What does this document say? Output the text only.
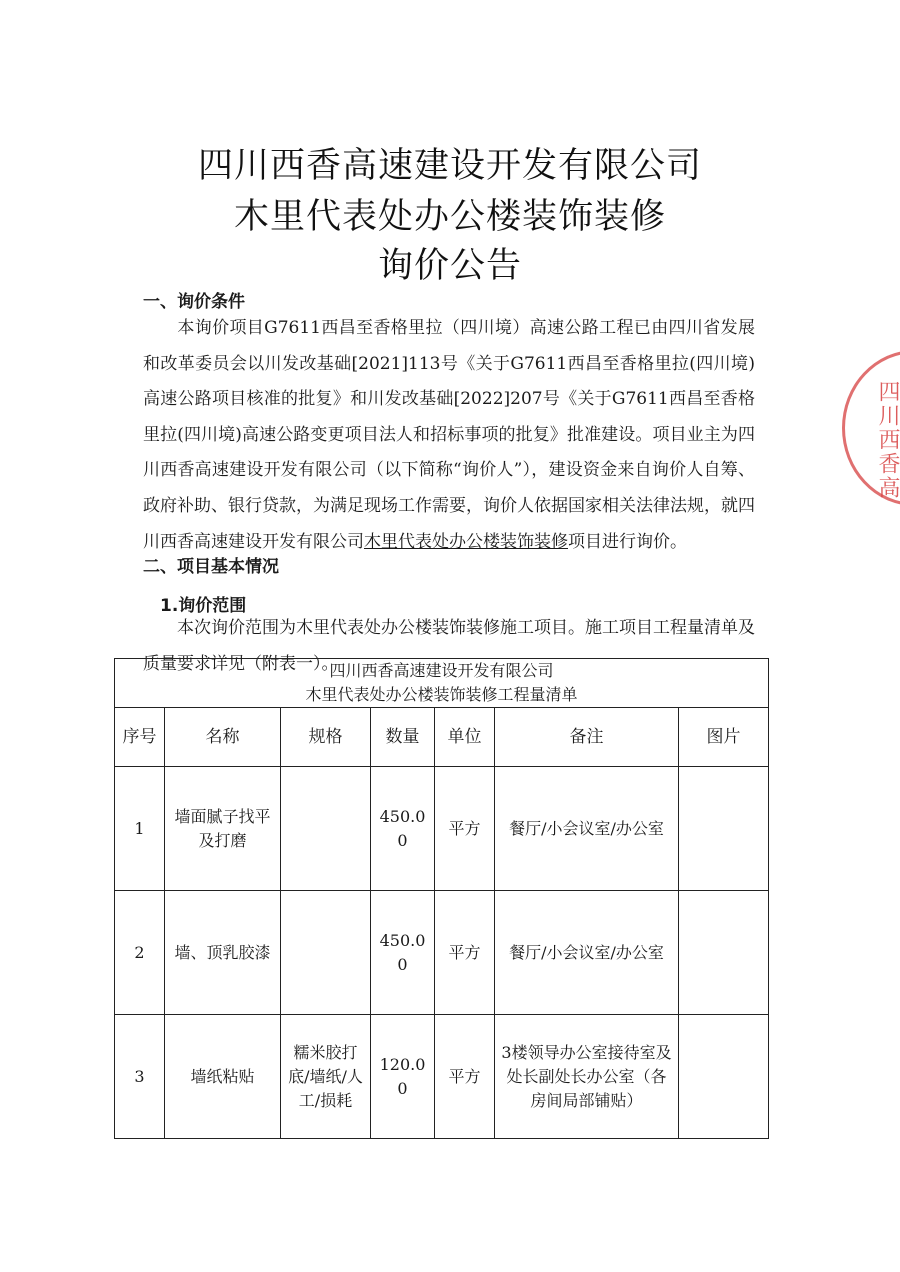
四川西香高速建设开发有限公司
木里代表处办公楼装饰装修
询价公告
一、询价条件

本询价项目G7611西昌至香格里拉（四川境）高速公路工程已由四川省发展和改革委员会以川发改基础[2021]113号《关于G7611西昌至香格里拉(四川境)高速公路项目核准的批复》和川发改基础[2022]207号《关于G7611西昌至香格里拉(四川境)高速公路变更项目法人和招标事项的批复》批准建设。项目业主为四川西香高速建设开发有限公司（以下简称“询价人”），建设资金来自询价人自筹、政府补助、银行贷款，为满足现场工作需要，询价人依据国家相关法律法规，就四川西香高速建设开发有限公司木里代表处办公楼装饰装修项目进行询价。

二、项目基本情况
1.询价范围

本次询价范围为木里代表处办公楼装饰装修施工项目。施工项目工程量清单及质量要求详见（附表一）。

四川西香高速建设开发有限公司
木里代表处办公楼装饰装修工程量清单						

序号	名称	规格	数量	单位	备注	图片
1	墙面腻子找平及打磨		450.00	平方	餐厅/小会议室/办公室	
2	墙、顶乳胶漆		450.00	平方	餐厅/小会议室/办公室	
3	墙纸粘贴	糯米胶打底/墙纸/人工/损耗	120.00	平方	3楼领导办公室接待室及处长副处长办公室（各房间局部铺贴）	
四川西香高
